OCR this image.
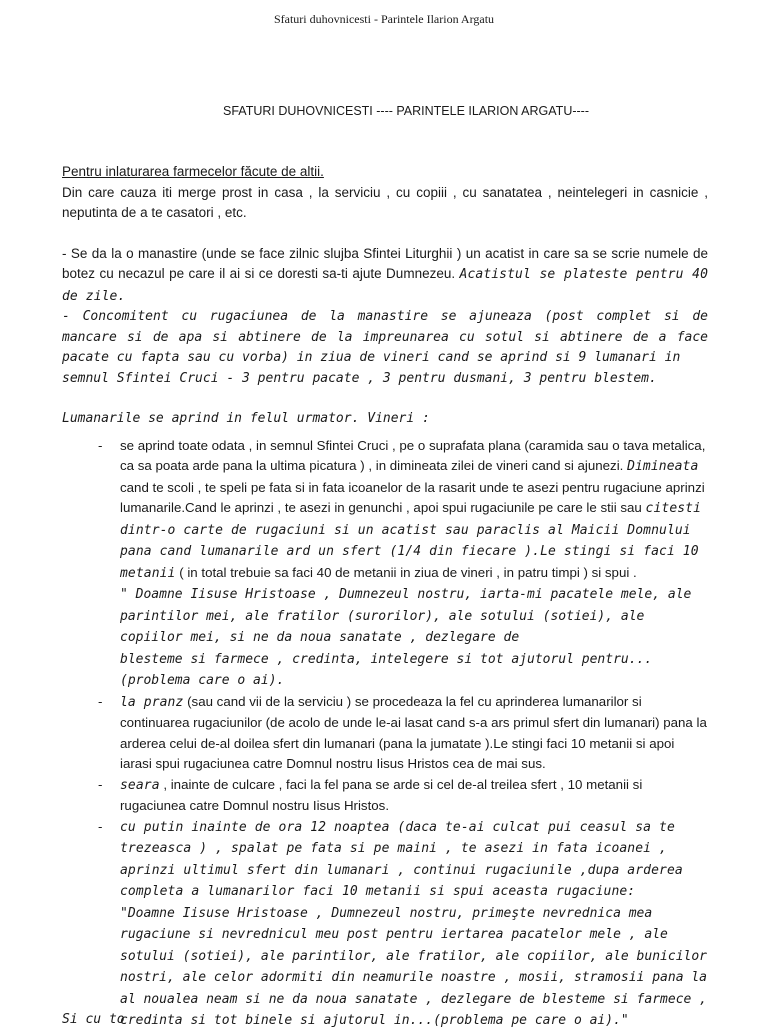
Sfaturi duhovnicesti - Parintele Ilarion Argatu
SFATURI DUHOVNICESTI ---- PARINTELE ILARION ARGATU----

Pentru inlaturarea farmecelor făcute de altii.

Din care cauza iti merge prost in casa , la serviciu , cu copiii , cu sanatatea , neintelegeri in casnicie , neputinta de a te casatori , etc.

- Se da la o manastire (unde se face zilnic slujba Sfintei Liturghii ) un acatist in care sa se scrie numele de botez cu necazul pe care il ai si ce doresti sa-ti ajute Dumnezeu. Acatistul se plateste pentru 40 de zile.

- Concomitent cu rugaciunea de la manastire se ajuneaza (post complet si de mancare si de apa si abtinere de la impreunarea cu sotul si abtinere de a face pacate cu fapta sau cu vorba) in ziua de vineri cand se aprind si 9 lumanari in
semnul Sfintei Cruci - 3 pentru pacate , 3 pentru dusmani, 3 pentru blestem.

Lumanarile se aprind in felul urmator. Vineri :

- se aprind toate odata , in semnul Sfintei Cruci , pe o suprafata plana (caramida sau o tava metalica, ca sa poata arde pana la ultima picatura ) , in dimineata zilei de vineri cand si ajunezi. Dimineata cand te scoli , te speli pe fata si in fata icoanelor de la rasarit unde te asezi pentru rugaciune aprinzi lumanarile.Cand le aprinzi , te asezi in genunchi , apoi spui rugaciunile pe care le stii sau citesti dintr-o carte de rugaciuni si un acatist sau paraclis al Maicii Domnului pana cand lumanarile ard un sfert (1/4 din fiecare ).Le stingi si faci 10 metanii ( in total trebuie sa faci 40 de metanii in ziua de vineri , in patru timpi ) si spui .
" Doamne Iisuse Hristoase , Dumnezeul nostru, iarta-mi pacatele mele, ale parintilor mei, ale fratilor (surorilor), ale sotului (sotiei), ale copiilor mei, si ne da noua sanatate , dezlegare de
blesteme si farmece , credinta, intelegere si tot ajutorul pentru...
(problema care o ai).
- la pranz (sau cand vii de la serviciu ) se procedeaza la fel cu aprinderea lumanarilor si continuarea rugaciunilor (de acolo de unde le-ai lasat cand s-a ars primul sfert din lumanari) pana la arderea celui de-al doilea sfert din lumanari (pana la jumatate ).Le stingi faci 10 metanii si apoi iarasi spui rugaciunea catre Domnul nostru Iisus Hristos cea de mai sus.
- seara , inainte de culcare , faci la fel pana se arde si cel de-al treilea sfert , 10 metanii si rugaciunea catre Domnul nostru Iisus Hristos.
- cu putin inainte de ora 12 noaptea (daca te-ai culcat pui ceasul sa te trezeasca ) , spalat pe fata si pe maini , te asezi in fata icoanei , aprinzi ultimul sfert din lumanari , continui rugaciunile ,dupa arderea completa a lumanarilor faci 10 metanii si spui aceasta rugaciune:
"Doamne Iisuse Hristoase , Dumnezeul nostru, primeşte nevrednica mea rugaciune si nevrednicul meu post pentru iertarea pacatelor mele , ale sotului (sotiei), ale parintilor, ale fratilor, ale copiilor, ale bunicilor nostri, ale celor adormiti din neamurile noastre , mosii, stramosii pana la al noualea neam si ne da noua sanatate , dezlegare de blesteme si farmece , credinta si tot binele si ajutorul in...(problema pe care o ai)."
Si cu to
